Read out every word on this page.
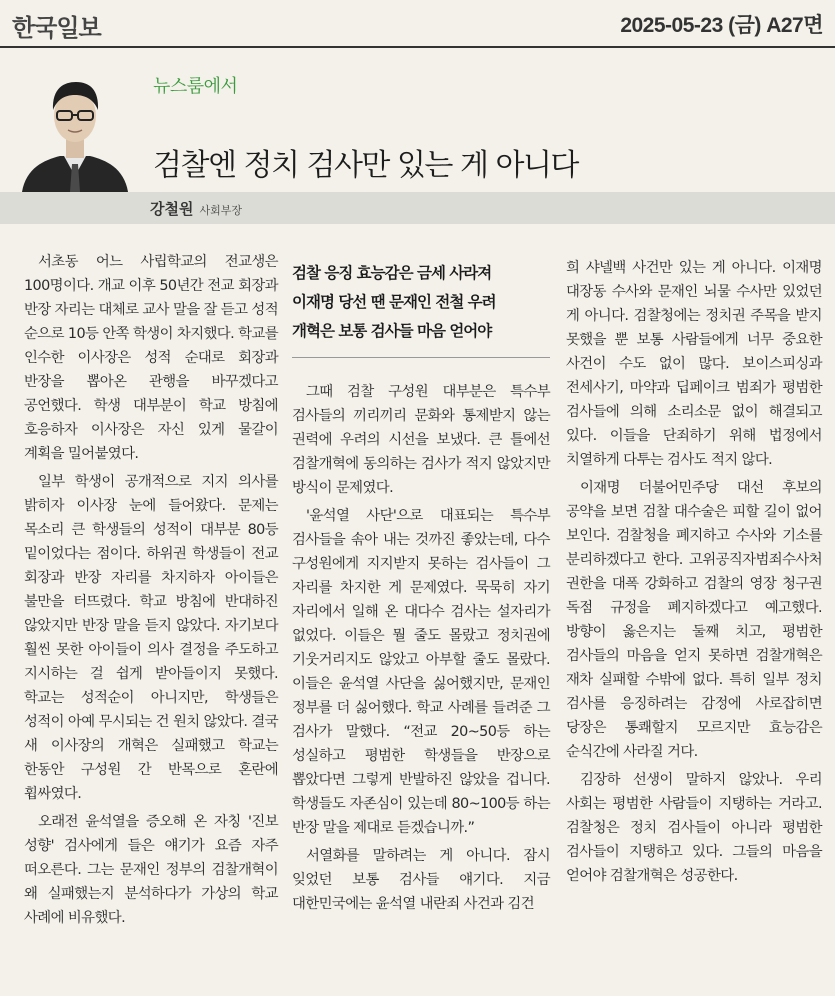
한국일보	2025-05-23 (금) A27면
뉴스룸에서
검찰엔 정치 검사만 있는 게 아니다
강철원 사회부장

서초동 어느 사립학교의 전교생은 100명이다. 개교 이후 50년간 전교 회장과 반장 자리는 대체로 교사 말을 잘 듣고 성적 순으로 10등 안쪽 학생이 차지했다. 학교를 인수한 이사장은 성적 순대로 회장과 반장을 뽑아온 관행을 바꾸겠다고 공언했다. 학생 대부분이 학교 방침에 호응하자 이사장은 자신 있게 물갈이 계획을 밀어붙였다.

일부 학생이 공개적으로 지지 의사를 밝히자 이사장 눈에 들어왔다. 문제는 목소리 큰 학생들의 성적이 대부분 80등 밑이었다는 점이다. 하위권 학생들이 전교 회장과 반장 자리를 차지하자 아이들은 불만을 터뜨렸다. 학교 방침에 반대하진 않았지만 반장 말을 듣지 않았다. 자기보다 훨씬 못한 아이들이 의사 결정을 주도하고 지시하는 걸 쉽게 받아들이지 못했다. 학교는 성적순이 아니지만, 학생들은 성적이 아예 무시되는 건 원치 않았다. 결국 새 이사장의 개혁은 실패했고 학교는 한동안 구성원 간 반목으로 혼란에 휩싸였다.

오래전 윤석열을 증오해 온 자칭 '진보 성향' 검사에게 들은 얘기가 요즘 자주 떠오른다. 그는 문재인 정부의 검찰개혁이 왜 실패했는지 분석하다가 가상의 학교 사례에 비유했다.

검찰 응징 효능감은 금세 사라져
이재명 당선 땐 문재인 전철 우려
개혁은 보통 검사들 마음 얻어야

그때 검찰 구성원 대부분은 특수부 검사들의 끼리끼리 문화와 통제받지 않는 권력에 우려의 시선을 보냈다. 큰 틀에선 검찰개혁에 동의하는 검사가 적지 않았지만 방식이 문제였다.

'윤석열 사단'으로 대표되는 특수부 검사들을 솎아 내는 것까진 좋았는데, 다수 구성원에게 지지받지 못하는 검사들이 그 자리를 차지한 게 문제였다. 묵묵히 자기 자리에서 일해 온 대다수 검사는 설자리가 없었다. 이들은 뭘 줄도 몰랐고 정치권에 기웃거리지도 않았고 아부할 줄도 몰랐다. 이들은 윤석열 사단을 싫어했지만, 문재인 정부를 더 싫어했다. 학교 사례를 들려준 그 검사가 말했다. “전교 20~50등 하는 성실하고 평범한 학생들을 반장으로 뽑았다면 그렇게 반발하진 않았을 겁니다. 학생들도 자존심이 있는데 80~100등 하는 반장 말을 제대로 듣겠습니까.”

서열화를 말하려는 게 아니다. 잠시 잊었던 보통 검사들 얘기다. 지금 대한민국에는 윤석열 내란죄 사건과 김건

희 샤넬백 사건만 있는 게 아니다. 이재명 대장동 수사와 문재인 뇌물 수사만 있었던 게 아니다. 검찰청에는 정치권 주목을 받지 못했을 뿐 보통 사람들에게 너무 중요한 사건이 수도 없이 많다. 보이스피싱과 전세사기, 마약과 딥페이크 범죄가 평범한 검사들에 의해 소리소문 없이 해결되고 있다. 이들을 단죄하기 위해 법정에서 치열하게 다투는 검사도 적지 않다.

이재명 더불어민주당 대선 후보의 공약을 보면 검찰 대수술은 피할 길이 없어 보인다. 검찰청을 폐지하고 수사와 기소를 분리하겠다고 한다. 고위공직자범죄수사처 권한을 대폭 강화하고 검찰의 영장 청구권 독점 규정을 폐지하겠다고 예고했다. 방향이 옳은지는 둘째 치고, 평범한 검사들의 마음을 얻지 못하면 검찰개혁은 재차 실패할 수밖에 없다. 특히 일부 정치 검사를 응징하려는 감정에 사로잡히면 당장은 통쾌할지 모르지만 효능감은 순식간에 사라질 거다.

김장하 선생이 말하지 않았나. 우리 사회는 평범한 사람들이 지탱하는 거라고. 검찰청은 정치 검사들이 아니라 평범한 검사들이 지탱하고 있다. 그들의 마음을 얻어야 검찰개혁은 성공한다.
